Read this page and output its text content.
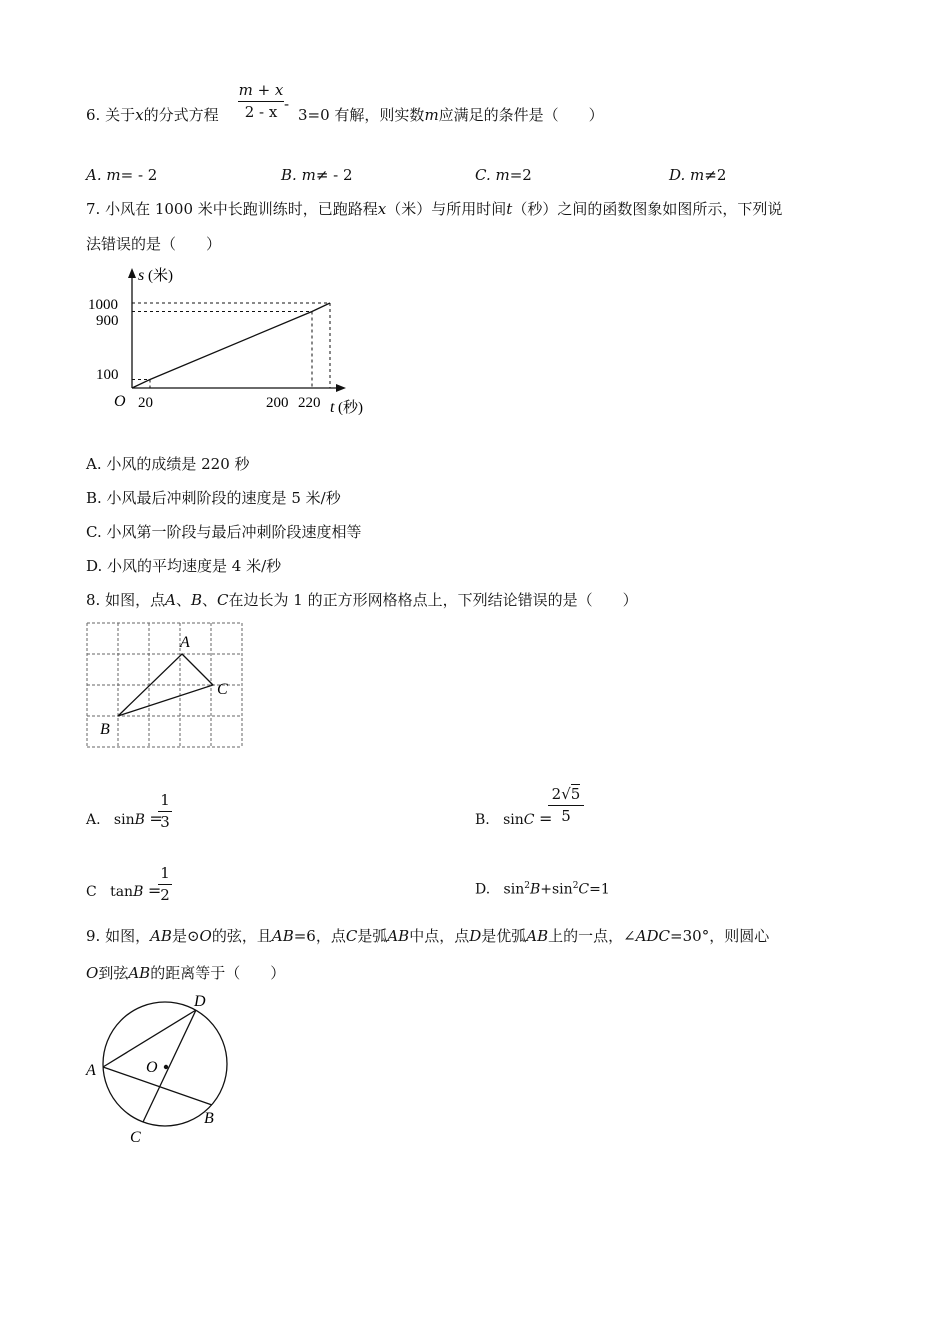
6. 关于x的分式方程
m + x
2 - x -
3=0 有解，则实数m应满足的条件是（　　）
A. m= - 2	B. m≠ - 2	C. m=2	D. m≠2
7. 小风在 1000 米中长跑训练时，已跑路程x（米）与所用时间t（秒）之间的函数图象如图所示，下列说
法错误的是（　　）
s (米)
t (秒)
O
1000
900
100
20	200 220
A. 小风的成绩是 220 秒
B. 小风最后冲刺阶段的速度是 5 米/秒
C. 小风第一阶段与最后冲刺阶段速度相等
D. 小风的平均速度是 4 米/秒
8. 如图，点A、B、C在边长为 1 的正方形网格格点上，下列结论错误的是（　　）
A
B
C
A. sinB =
1
3	B. sinC =
2√5
5
C tanB =
1
2	D. $\sin^2B+\sin^2C=1$
9. 如图，AB是⊙O的弦，且AB=6，点C是弧AB中点，点D是优弧AB上的一点，∠ADC=30°，则圆心
O到弦AB的距离等于（　　）
A
B
C
D
O
